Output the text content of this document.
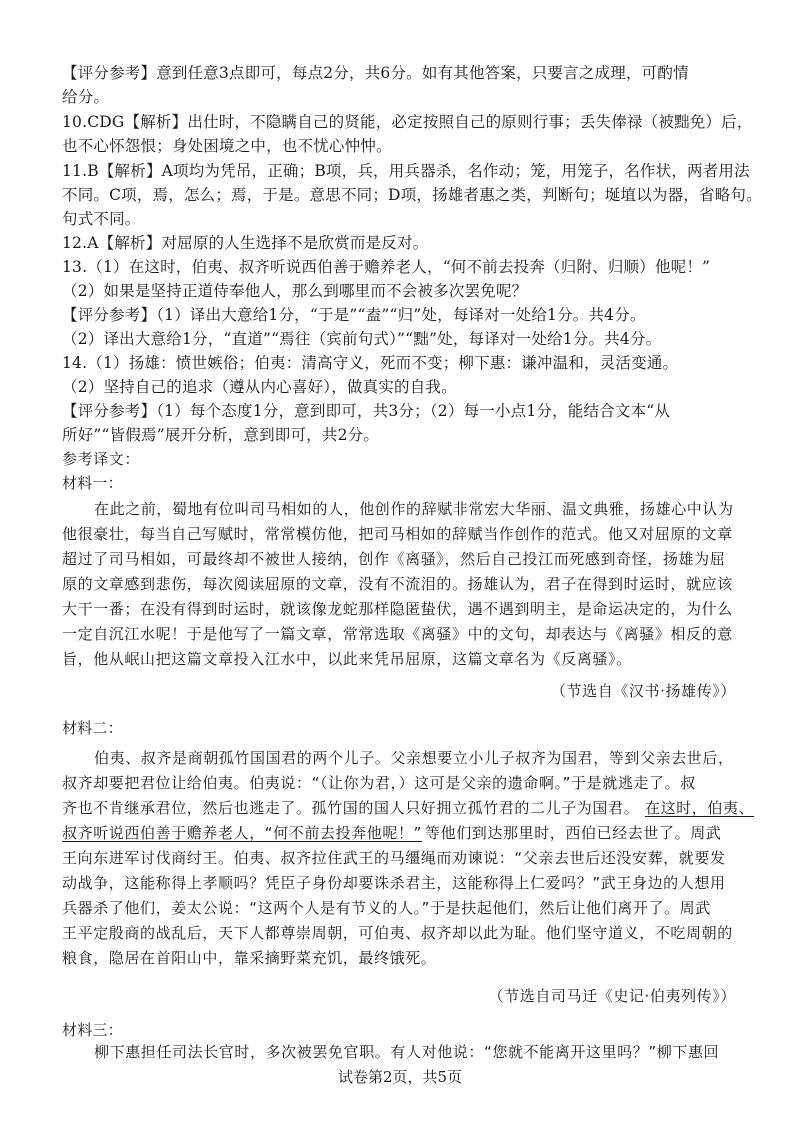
【评分参考】意到任意3点即可，每点2分，共6分。如有其他答案，只要言之成理，可酌情
给分。
10.CDG【解析】出仕时，不隐瞒自己的贤能，必定按照自己的原则行事；丢失俸禄（被黜免）后，
也不心怀怨恨；身处困境之中，也不忧心忡忡。
11.B【解析】A项均为凭吊，正确；B项，兵，用兵器杀，名作动；笼，用笼子，名作状，两者用法
不同。C项，焉，怎么；焉，于是。意思不同；D项，扬雄者惠之类，判断句；埏埴以为器，省略句。
句式不同。
12.A【解析】对屈原的人生选择不是欣赏而是反对。
13.（1）在这时，伯夷、叔齐听说西伯善于赡养老人，“何不前去投奔（归附、归顺）他呢！”
（2）如果是坚持正道侍奉他人，那么到哪里而不会被多次罢免呢？
【评分参考】（1）译出大意给1分，“于是”“盍”“归”处，每译对一处给1分。共4分。
（2）译出大意给1分，“直道”“焉往（宾前句式）”“黜”处，每译对一处给1分。共4分。
14.（1）扬雄：愤世嫉俗；伯夷：清高守义，死而不变；柳下惠：谦冲温和，灵活变通。
（2）坚持自己的追求（遵从内心喜好），做真实的自我。
【评分参考】（1）每个态度1分，意到即可，共3分；（2）每一小点1分，能结合文本“从
所好”“皆假焉”展开分析，意到即可，共2分。
参考译文：
材料一：
在此之前，蜀地有位叫司马相如的人，他创作的辞赋非常宏大华丽、温文典雅，扬雄心中认为
他很豪壮，每当自己写赋时，常常模仿他，把司马相如的辞赋当作创作的范式。他又对屈原的文章
超过了司马相如，可最终却不被世人接纳，创作《离骚》，然后自己投江而死感到奇怪，扬雄为屈
原的文章感到悲伤，每次阅读屈原的文章，没有不流泪的。扬雄认为，君子在得到时运时，就应该
大干一番；在没有得到时运时，就该像龙蛇那样隐匿蛰伏，遇不遇到明主，是命运决定的，为什么
一定自沉江水呢！于是他写了一篇文章，常常选取《离骚》中的文句，却表达与《离骚》相反的意
旨，他从岷山把这篇文章投入江水中，以此来凭吊屈原，这篇文章名为《反离骚》。
（节选自《汉书·扬雄传》）
材料二：
伯夷、叔齐是商朝孤竹国国君的两个儿子。父亲想要立小儿子叔齐为国君，等到父亲去世后，
叔齐却要把君位让给伯夷。伯夷说：“（让你为君，）这可是父亲的遗命啊。”于是就逃走了。叔
齐也不肯继承君位，然后也逃走了。孤竹国的国人只好拥立孤竹君的二儿子为国君。 在这时，伯夷、
叔齐听说西伯善于赡养老人，“何不前去投奔他呢！” 等他们到达那里时，西伯已经去世了。周武
王向东进军讨伐商纣王。伯夷、叔齐拉住武王的马缰绳而劝谏说：“父亲去世后还没安葬，就要发
动战争，这能称得上孝顺吗？凭臣子身份却要诛杀君主，这能称得上仁爱吗？”武王身边的人想用
兵器杀了他们，姜太公说：“这两个人是有节义的人。”于是扶起他们，然后让他们离开了。周武
王平定殷商的战乱后，天下人都尊崇周朝，可伯夷、叔齐却以此为耻。他们坚守道义，不吃周朝的
粮食，隐居在首阳山中，靠采摘野菜充饥，最终饿死。
（节选自司马迁《史记·伯夷列传》）
材料三：
柳下惠担任司法长官时，多次被罢免官职。有人对他说：“您就不能离开这里吗？”柳下惠回
试卷第2页，共5页
